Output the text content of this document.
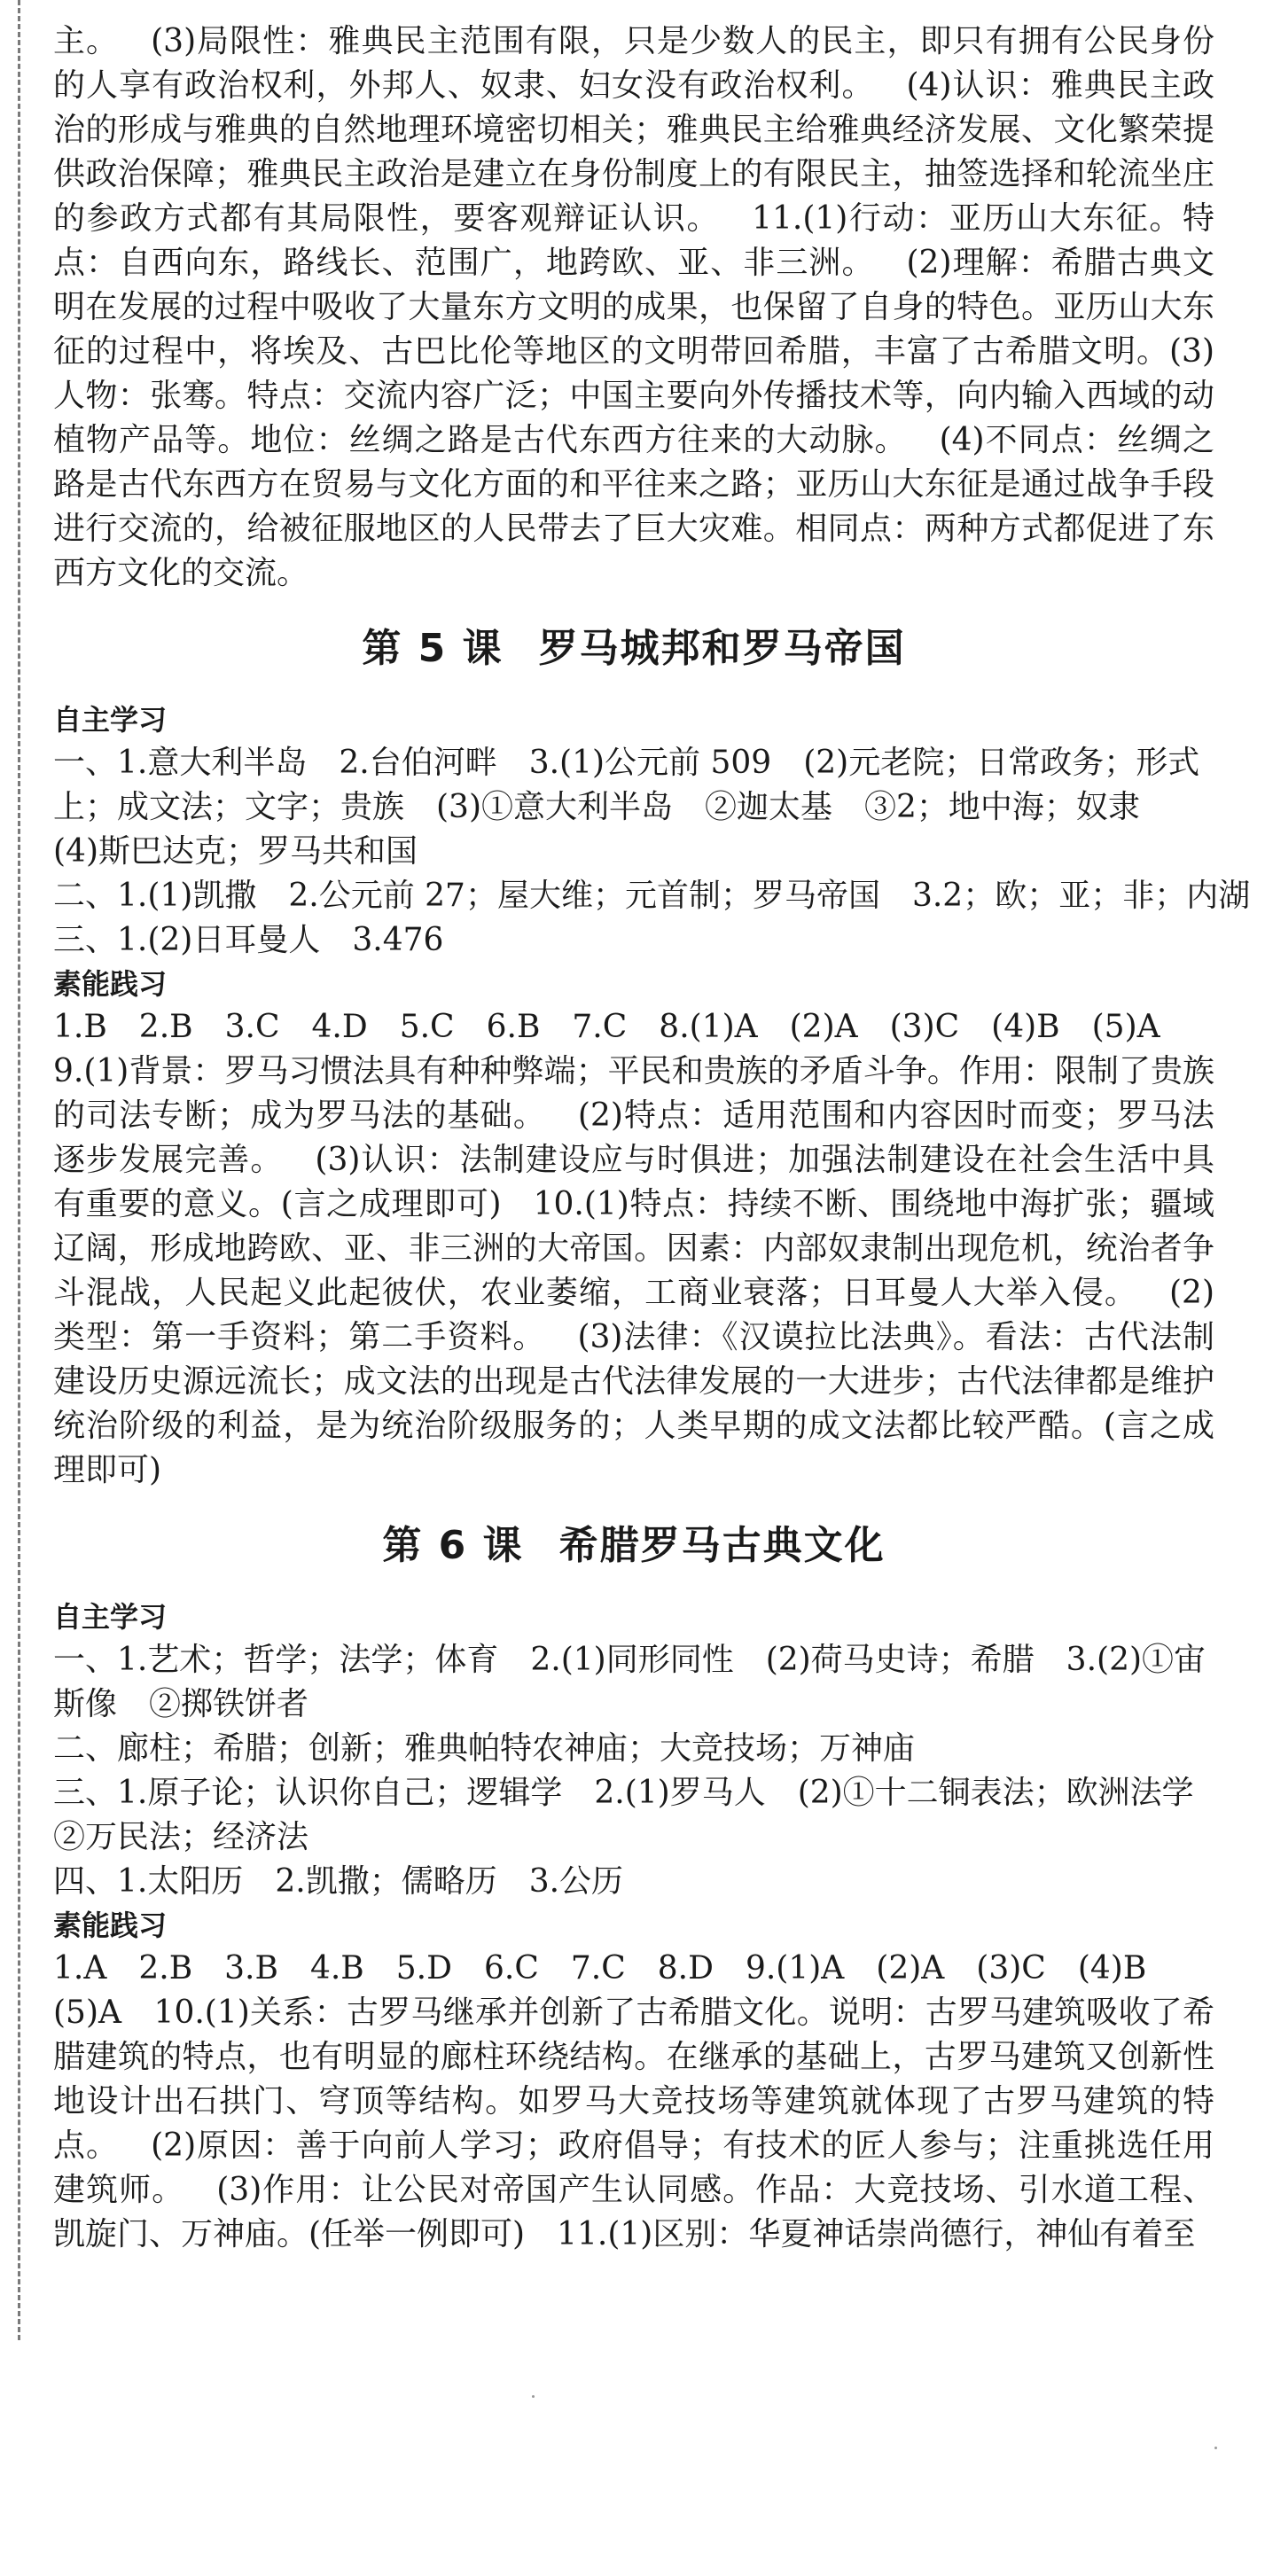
主。 (3)局限性：雅典民主范围有限，只是少数人的民主，即只有拥有公民身份的人享有政治权利，外邦人、奴隶、妇女没有政治权利。 (4)认识：雅典民主政治的形成与雅典的自然地理环境密切相关；雅典民主给雅典经济发展、文化繁荣提供政治保障；雅典民主政治是建立在身份制度上的有限民主，抽签选择和轮流坐庄的参政方式都有其局限性，要客观辩证认识。 11.(1)行动：亚历山大东征。特点：自西向东，路线长、范围广，地跨欧、亚、非三洲。 (2)理解：希腊古典文明在发展的过程中吸收了大量东方文明的成果，也保留了自身的特色。亚历山大东征的过程中，将埃及、古巴比伦等地区的文明带回希腊，丰富了古希腊文明。(3)人物：张骞。特点：交流内容广泛；中国主要向外传播技术等，向内输入西域的动植物产品等。地位：丝绸之路是古代东西方往来的大动脉。 (4)不同点：丝绸之路是古代东西方在贸易与文化方面的和平往来之路；亚历山大东征是通过战争手段进行交流的，给被征服地区的人民带去了巨大灾难。相同点：两种方式都促进了东西方文化的交流。

第 5 课 罗马城邦和罗马帝国
自主学习
一、1.意大利半岛　2.台伯河畔　3.(1)公元前 509　(2)元老院；日常政务；形式
上；成文法；文字；贵族　(3)①意大利半岛　②迦太基　③2；地中海；奴隶
(4)斯巴达克；罗马共和国
二、1.(1)凯撒　2.公元前 27；屋大维；元首制；罗马帝国　3.2；欧；亚；非；内湖
三、1.(2)日耳曼人　3.476
素能践习
1.B　2.B　3.C　4.D　5.C　6.B　7.C　8.(1)A　(2)A　(3)C　(4)B　(5)A

9.(1)背景：罗马习惯法具有种种弊端；平民和贵族的矛盾斗争。作用：限制了贵族的司法专断；成为罗马法的基础。 (2)特点：适用范围和内容因时而变；罗马法逐步发展完善。 (3)认识：法制建设应与时俱进；加强法制建设在社会生活中具有重要的意义。(言之成理即可) 10.(1)特点：持续不断、围绕地中海扩张；疆域辽阔，形成地跨欧、亚、非三洲的大帝国。因素：内部奴隶制出现危机，统治者争斗混战，人民起义此起彼伏，农业萎缩，工商业衰落；日耳曼人大举入侵。 (2)类型：第一手资料；第二手资料。 (3)法律：《汉谟拉比法典》。看法：古代法制建设历史源远流长；成文法的出现是古代法律发展的一大进步；古代法律都是维护统治阶级的利益，是为统治阶级服务的；人类早期的成文法都比较严酷。(言之成理即可)

第 6 课 希腊罗马古典文化
自主学习
一、1.艺术；哲学；法学；体育　2.(1)同形同性　(2)荷马史诗；希腊　3.(2)①宙
斯像　②掷铁饼者
二、廊柱；希腊；创新；雅典帕特农神庙；大竞技场；万神庙
三、1.原子论；认识你自己；逻辑学　2.(1)罗马人　(2)①十二铜表法；欧洲法学
②万民法；经济法
四、1.太阳历　2.凯撒；儒略历　3.公历
素能践习
1.A　2.B　3.B　4.B　5.D　6.C　7.C　8.D　9.(1)A　(2)A　(3)C　(4)B

(5)A　10.(1)关系：古罗马继承并创新了古希腊文化。说明：古罗马建筑吸收了希腊建筑的特点，也有明显的廊柱环绕结构。在继承的基础上，古罗马建筑又创新性地设计出石拱门、穹顶等结构。如罗马大竞技场等建筑就体现了古罗马建筑的特点。 (2)原因：善于向前人学习；政府倡导；有技术的匠人参与；注重挑选任用建筑师。 (3)作用：让公民对帝国产生认同感。作品：大竞技场、引水道工程、凯旋门、万神庙。(任举一例即可) 11.(1)区别：华夏神话崇尚德行，神仙有着至
